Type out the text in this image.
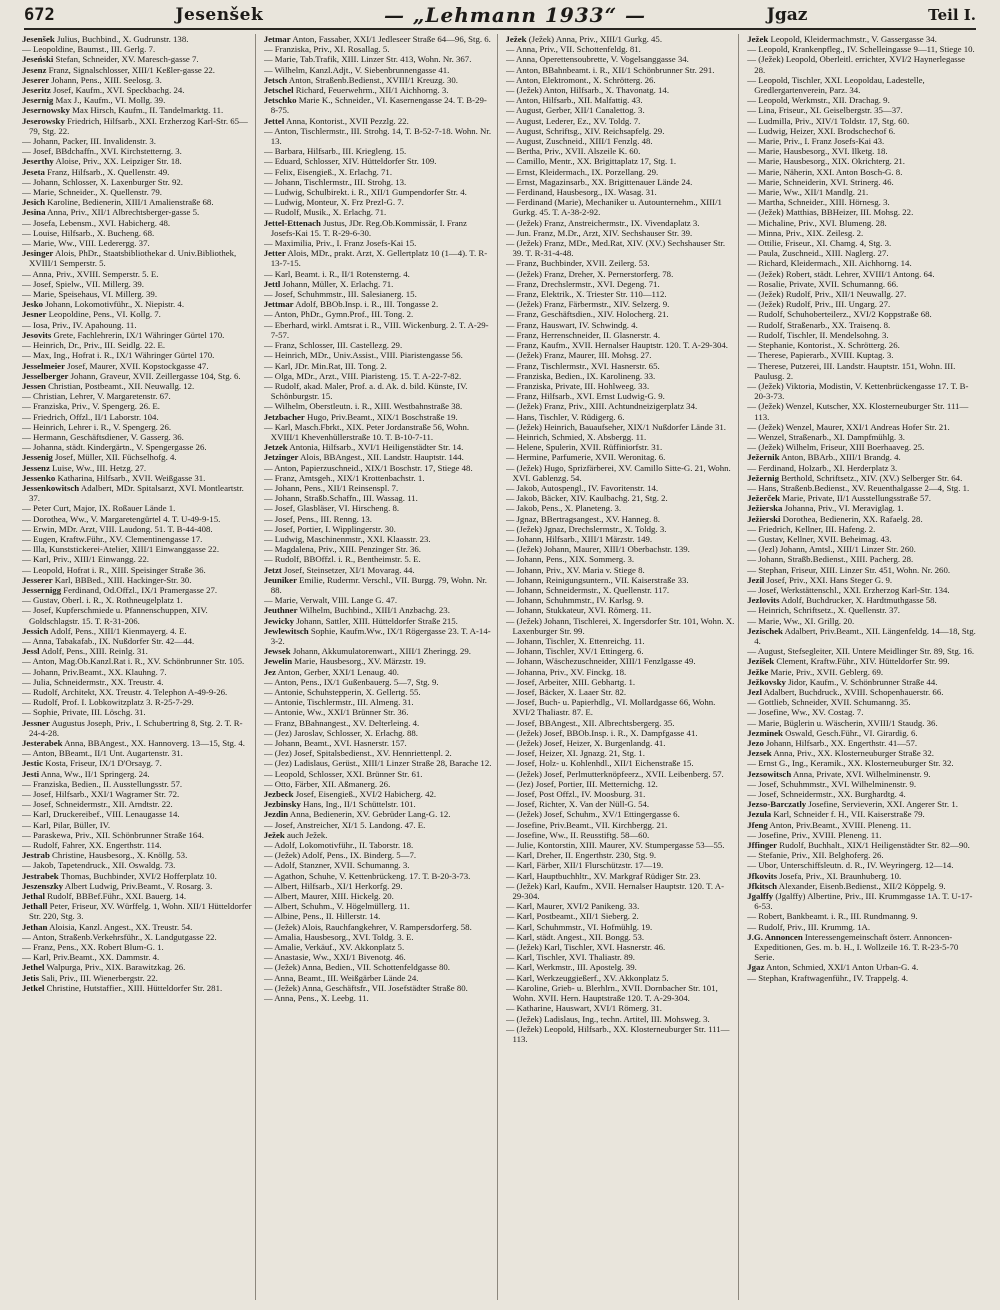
672	Jesenšek	— „Lehmann 1933“ —	Jgaz	Teil I.

Jesenšek Julius, Buchbind., X. Gudrunstr. 138.

— Leopoldine, Baumst., III. Gerlg. 7.

Jeseński Stefan, Schneider, XV. Maresch-gasse 7.

Jesenz Franz, Signalschlosser, XIII/1 Keßler-gasse 22.

Jeserer Johann, Pens., XIII. Seelosg. 3.

Jeseritz Josef, Kaufm., XVI. Speckbachg. 24.

Jesernig Max J., Kaufm., VI. Mollg. 39.

Jesernowsky Max Hirsch, Kaufm., II. Tandelmarktg. 11.

Jeserowsky Friedrich, Hilfsarb., XXI. Erzherzog Karl-Str. 65—79, Stg. 22.

— Johann, Packer, III. Invalidenstr. 3.

— Josef, BBdchaffn., XVI. Kirchstetterng. 3.

Jeserthy Aloise, Priv., XX. Leipziger Str. 18.

Jeseta Franz, Hilfsarb., X. Quellenstr. 49.

— Johann, Schlosser, X. Laxenburger Str. 92.

— Marie, Schneider., X. Quellenstr. 79.

Jesich Karoline, Bedienerin, XIII/1 Amalienstraße 68.

Jesina Anna, Priv., XII/1 Albrechtsberger-gasse 5.

— Josefa, Lebensm., XVI. Habicherg. 48.

— Louise, Hilfsarb., X. Bucheng. 68.

— Marie, Ww., VIII. Lederergg. 37.

Jesinger Alois, PhDr., Staatsbibliothekar d. Univ.Bibliothek, XVIII/1 Semperstr. 5.

— Anna, Priv., XVIII. Semperstr. 5. E.

— Josef, Spielw., VII. Millerg. 39.

— Marie, Speisehaus, VI. Millerg. 39.

Jesko Johann, Lokomotivführ., X. Niepistr. 4.

Jesner Leopoldine, Pens., VI. Kollg. 7.

— Iosa, Priv., IV. Apahoung. 11.

Jesovits Grete, Fachlehrerin, IX/1 Währinger Gürtel 170.

— Heinrich, Dr., Priv., III. Seidlg. 22. E.

— Max, Ing., Hofrat i. R., IX/1 Währinger Gürtel 170.

Jesselmeier Josef, Maurer, XVII. Kopstockgasse 47.

Jesselberger Johann, Graveur, XVII. Zeillergasse 104, Stg. 6.

Jessen Christian, Postbeamt., XII. Neuwallg. 12.

— Christian, Lehrer, V. Margaretenstr. 67.

— Franziska, Priv., V. Spengerg. 26. E.

— Friedrich, Offzl., II/1 Laborstr. 104.

— Heinrich, Lehrer i. R., V. Spengerg. 26.

— Hermann, Geschäftsdiener, V. Gasserg. 36.

— Johanna, städt. Kindergärtn., V. Spengergasse 26.

Jessenig Josef, Müller, XII. Füchselhofg. 4.

Jessenz Luise, Ww., III. Hetzg. 27.

Jessenko Katharina, Hilfsarb., XVII. Weißgasse 31.

Jessenkowitsch Adalbert, MDr. Spitalsarzt, XVI. Montleartstr. 37.

— Peter Curt, Major, IX. Roßauer Lände 1.

— Dorothea, Ww., V. Margaretengürtel 4. T. U-49-9-15.

— Erwin, MDr. Arzt, VIII. Laudong. 51. T. B-44-408.

— Eugen, Kraftw.Führ., XV. Clementinengasse 17.

— Illa, Kunststickerei-Atelier, XIII/1 Einwanggasse 22.

— Karl, Priv., XIII/1 Einwangg. 22.

— Leopold, Hofrat i. R., XIII. Speisinger Straße 36.

Jesserer Karl, BBBed., XIII. Hackinger-Str. 30.

Jessernigg Ferdinand, Od.Offzl., IX/1 Pramergasse 27.

— Gustav, Oberl. i. R., X. Rothneugelplatz 1.

— Josef, Kupferschmiede u. Pfannenschuppen, XIV. Goldschlagstr. 15. T. R-31-206.

Jessich Adolf, Pens., XIII/1 Kienmayerg. 4. E.

— Anna, Tabakafab., IX. Nußdorfer Str. 42—44.

Jessl Adolf, Pens., XIII. Reinlg. 31.

— Anton, Mag.Ob.Kanzl.Rat i. R., XV. Schönbrunner Str. 105.

— Johann, Priv.Beamt., XX. Klauhng. 7.

— Julia, Schneidermstr., XX. Treustr. 4.

— Rudolf, Architekt, XX. Treustr. 4. Telephon A-49-9-26.

— Rudolf, Prof. I. Lobkowitzplatz 3. R-25-7-29.

— Sophie, Private, III. Löschg. 31.

Jessner Augustus Joseph, Priv., I. Schubertring 8, Stg. 2. T. R-24-4-28.

Jesterabek Anna, BBAngest., XX. Hannoverg. 13—15, Stg. 4.

— Anton, BBeamt., II/1 Unt. Augartenstr. 31.

Jestic Kosta, Friseur, IX/1 D'Orsayg. 7.

Jesti Anna, Ww., II/1 Springerg. 24.

— Franziska, Bedien., II. Ausstellungsstr. 57.

— Josef, Hilfsarb., XXI/1 Wagramer Str. 72.

— Josef, Schneidermstr., XII. Arndtstr. 22.

— Karl, Druckereibef., VIII. Lenaugasse 14.

— Karl, Pilar, Büller, IV.

— Paraskewa, Priv., XII. Schönbrunner Straße 164.

— Rudolf, Fahrer, XX. Engerthstr. 114.

Jestrab Christine, Hausbesorg., X. Knöllg. 53.

— Jakob, Tapetendruck., XII. Oswaldg. 73.

Jestrabek Thomas, Buchbinder, XVI/2 Hofferplatz 10.

Jeszenszky Albert Ludwig, Priv.Beamt., V. Rosarg. 3.

Jethal Rudolf, BBBef.Führ., XXI. Bauerg. 14.

Jethall Peter, Friseur, XV. Würffelg. 1, Wohn. XII/1 Hütteldorfer Str. 220, Stg. 3.

Jethan Aloisia, Kanzl. Angest., XX. Treustr. 54.

— Anton, Straßenb.Verkehrsführ., X. Landgutgasse 22.

— Franz, Pens., XX. Robert Blum-G. 1.

— Karl, Priv.Beamt., XX. Dammstr. 4.

Jethel Walpurga, Priv., XIX. Barawitzkag. 26.

Jetis Sali, Priv., III. Wienerbergstr. 22.

Jetkel Christine, Hutstaffier., XIII. Hütteldorfer Str. 281.

Jetmar Anton, Fassaber, XXI/1 Jedleseer Straße 64—96, Stg. 6.

— Franziska, Priv., XI. Rosallag. 5.

— Marie, Tab.Trafik, XIII. Linzer Str. 413, Wohn. Nr. 367.

— Wilhelm, Kanzl.Adjt., V. Siebenbrunnengasse 41.

Jetsch Anton, Straßenb.Bedienst., XVIII/1 Kreuzg. 30.

Jetschel Richard, Feuerwehrm., XII/1 Aichhorng. 3.

Jetschko Marie K., Schneider., VI. Kasernengasse 24. T. B-29-8-75.

Jettel Anna, Kontorist., XVII Pezzlg. 22.

— Anton, Tischlermstr., III. Strohg. 14, T. B-52-7-18. Wohn. Nr. 13.

— Barbara, Hilfsarb., III. Kriegleng. 15.

— Eduard, Schlosser, XIV. Hütteldorfer Str. 109.

— Felix, Eisengieß., X. Erlachg. 71.

— Johann, Tischlermstr., III. Strohg. 13.

— Ludwig, Schulbirekt. i. R., XII/1 Gumpendorfer Str. 4.

— Ludwig, Monteur, X. Frz Prezl-G. 7.

— Rudolf, Musik., X. Erlachg. 71.

Jettel-Ettenach Justus, JDr. Reg.Ob.Kommissär, I. Franz Josefs-Kai 15. T. R-29-6-30.

— Maximilia, Priv., I. Franz Josefs-Kai 15.

Jetter Alois, MDr., prakt. Arzt, X. Gellertplatz 10 (1—4). T. R-13-7-15.

— Karl, Beamt. i. R., II/1 Rotensterng. 4.

Jettl Johann, Müller, X. Erlachg. 71.

— Josef, Schuhmmstr., III. Salesianerg. 15.

Jettmar Adolf, BBOb.Insp. i. R., III. Tongasse 2.

— Anton, PhDr., Gymn.Prof., III. Tong. 2.

— Eberhard, wirkl. Amtsrat i. R., VIII. Wickenburg. 2. T. A-29-7-57.

— Franz, Schlosser, III. Castellezg. 29.

— Heinrich, MDr., Univ.Assist., VIII. Piaristengasse 56.

— Karl, JDr. Min.Rat, III. Tong. 2.

— Olga, MDr., Arzt., VIII. Piaristeng. 15. T. A-22-7-82.

— Rudolf, akad. Maler, Prof. a. d. Ak. d. bild. Künste, IV. Schönburgstr. 15.

— Wilhelm, Oberstleutn. i. R., XIII. Westbahnstraße 38.

Jetzbacher Hugo, Priv.Beamt., XIX/1 Boschstraße 19.

— Karl, Masch.Fbrkt., XIX. Peter Jordanstraße 56, Wohn. XVIII/1 Khevenhüllerstraße 10. T. B-10-7-11.

Jetzek Antonia, Hilfsarb., XVI/1 Heiligenstädter Str. 14.

Jetzinger Alois, BBAngest., XII. Landstr. Hauptstr. 144.

— Anton, Papierzuschneid., XIX/1 Boschstr. 17, Stiege 48.

— Franz, Amtsgeh., XIX/1 Krottenbachstr. 1.

— Johann, Pens., XII/1 Reinsenspl. 7.

— Johann, Straßb.Schaffn., III. Wassag. 11.

— Josef, Glasbläser, VI. Hirscheng. 8.

— Josef, Pens., III. Renng. 13.

— Josef, Portier, I. Wipplingerstr. 30.

— Ludwig, Maschinenmstr., XXI. Klaasstr. 23.

— Magdalena, Priv., XIII. Penzinger Str. 36.

— Rudolf, BBOffzl. i. R., Bentheimstr. 5. E.

Jetzt Josef, Steinsetzer, XI/1 Movarag. 44.

Jeuniker Emilie, Rudermr. Verschl., VII. Burgg. 79, Wohn. Nr. 88.

— Marie, Verwalt, VIII. Lange G. 47.

Jeuthner Wilhelm, Buchbind., XIII/1 Anzbachg. 23.

Jewicky Johann, Sattler, XIII. Hütteldorfer Straße 215.

Jewlewitsch Sophie, Kaufm.Ww., IX/1 Rögergasse 23. T. A-14-3-2.

Jewsek Johann, Akkumulatorenwart., XIII/1 Zheringg. 29.

Jewelin Marie, Hausbesorg., XV. Märzstr. 19.

Jez Anton, Gerber, XXI/1 Lenaug. 40.

— Anton, Pens., IX/1 Gußenbauerg. 5—7, Stg. 9.

— Antonie, Schuhstepperin, X. Gellertg. 55.

— Antonie, Tischlermstr., III. Almeng. 31.

— Antonie, Ww., XXI/1 Brünner Str. 36.

— Franz, BBahnangest., XV. Delterleing. 4.

— (Jez) Jaroslav, Schlosser, X. Erlachg. 88.

— Johann, Beamt., XVI. Hasnerstr. 157.

— (Jez) Josef, Spitalsbedienst., XV. Hennriettenpl. 2.

— (Jez) Ladislaus, Gerüst., XIII/1 Linzer Straße 28, Barache 12.

— Leopold, Schlosser, XXI. Brünner Str. 61.

— Otto, Färber, XII. Aßmanerg. 26.

Jezbeck Josef, Eisengieß., XVI/2 Habicherg. 42.

Jezbinsky Hans, Ing., II/1 Schüttelstr. 101.

Jezdin Anna, Bedienerin, XV. Gebrüder Lang-G. 12.

— Josef, Anstreicher, XI/1 5. Landong. 47. E.

Ježek auch Ježek.

— Adolf, Lokomotivführ., II. Taborstr. 18.

— (Ježek) Adolf, Pens., IX. Binderg. 5—7.

— Adolf, Stanzner, XVII. Schumanng. 3.

— Agathon, Schuhe, V. Kettenbrückeng. 17. T. B-20-3-73.

— Albert, Hilfsarb., XI/1 Herkorfg. 29.

— Albert, Maurer, XIII. Hickelg. 20.

— Albert, Schuhm., V. Högelmüllerg. 11.

— Albine, Pens., II. Hillerstr. 14.

— (Ježek) Alois, Rauchfangkehrer, V. Rampersdorferg. 58.

— Amalia, Hausbesorg., XVI. Toldg. 3. E.

— Amalie, Verkäuf., XV. Akkonplatz 5.

— Anastasie, Ww., XXI/1 Bivenotg. 46.

— (Ježek) Anna, Bedien., VII. Schottenfeldgasse 80.

— Anna, Beamt., III. Weißgärber Lände 24.

— (Ježek) Anna, Geschäftsfr., VII. Josefstädter Straße 80.

— Anna, Pens., X. Leebg. 11.

Ježek (Ježek) Anna, Priv., XIII/1 Gurkg. 45.

— Anna, Priv., VII. Schottenfeldg. 81.

— Anna, Operettensoubrette, V. Vogelsanggasse 34.

— Anton, BBahnbeamt. i. R., XII/1 Schönbrunner Str. 291.

— Anton, Elektromont., X. Schrötterg. 26.

— (Ježek) Anton, Hilfsarb., X. Thavonatg. 14.

— Anton, Hilfsarb., XII. Malfattig. 43.

— August, Gerber, XII/1 Canalettog. 3.

— August, Lederer, Ez., XV. Toldg. 7.

— August, Schriftsg., XIV. Reichsapfelg. 29.

— August, Zuschneid., XIII/1 Fenzlg. 48.

— Bertha, Priv., XVII. Alszeile K. 60.

— Camillo, Mentr., XX. Brigittaplatz 17, Stg. 1.

— Ernst, Kleidermach., IX. Porzellang. 29.

— Ernst, Magazinsarb., XX. Brigittenauer Lände 24.

— Ferdinand, Hausbesorg., IX. Wasag. 31.

— Ferdinand (Marie), Mechaniker u. Autounternehm., XIII/1 Gurkg. 45. T. A-38-2-92.

— (Ježek) Franz, Anstreichermstr., IX. Vivendaplatz 3.

— Jun. Franz, M.Dr., Arzt, XIV. Sechshauser Str. 39.

— (Ježek) Franz, MDr., Med.Rat, XIV. (XV.) Sechshauser Str. 39. T. R-31-4-48.

— Franz, Buchbinder, XVII. Zeilerg. 53.

— (Ježek) Franz, Dreher, X. Pernerstorferg. 78.

— Franz, Drechslermstr., XVI. Degeng. 71.

— Franz, Elektrik., X. Triester Str. 110—112.

— (Ježek) Franz, Färbermstr., XIV. Selzerg. 9.

— Franz, Geschäftsdien., XIV. Holocherg. 21.

— Franz, Hauswart, IV. Schwindg. 4.

— Franz, Herrenschneider, II. Glasnerstr. 4.

— Franz, Kaufm., XVII. Hernalser Hauptstr. 120. T. A-29-304.

— (Ježek) Franz, Maurer, III. Mohsg. 27.

— Franz, Tischlermstr., XVI. Hasnerstr. 65.

— Franziska, Bedien., IX. Karolineng. 33.

— Franziska, Private, III. Hohlweeg. 33.

— Franz, Hilfsarb., XVI. Ernst Ludwig-G. 9.

— (Ježek) Franz, Priv., XIII. Achtundneizigerplatz 34.

— Hans, Tischler, V. Rüdigerg. 6.

— (Ježek) Heinrich, Bauaufseher, XIX/1 Nußdorfer Lände 31.

— Heinrich, Schmied, X. Absbergg. 11.

— Helene, Spulerin, XVII. Rüffiniorfstr. 31.

— Hermine, Parfumerie, XVII. Weronitag. 6.

— (Ježek) Hugo, Sprizfärberei, XV. Camillo Sitte-G. 21, Wohn. XVI. Gablenzg. 54.

— Jakob, Autospengl., IV. Favoritenstr. 14.

— Jakob, Bäcker, XIV. Kaulbachg. 21, Stg. 2.

— Jakob, Pens., X. Planeteng. 3.

— Jgnaz, BBertragsangest., XV. Hanneg. 8.

— (Ježek) Jgnaz, Drechslermstr., X. Toldg. 3.

— Johann, Hilfsarb., XIII/1 Märzstr. 149.

— (Ježek) Johann, Maurer, XIII/1 Oberbachstr. 139.

— Johann, Pens., XIX. Sommerg. 3.

— Johann, Priv., XV. Maria v. Stiege 8.

— Johann, Reinigungsuntern., VII. Kaiserstraße 33.

— Johann, Schneidermstr., X. Quellenstr. 117.

— Johann, Schuhmmstr., IV. Karlsg. 9.

— Johann, Stukkateur, XVI. Römerg. 11.

— (Ježek) Johann, Tischlerei, X. Ingersdorfer Str. 101, Wohn. X. Laxenburger Str. 99.

— Johann, Tischler, X. Ettenreichg. 11.

— Johann, Tischler, XV/1 Ettingerg. 6.

— Johann, Wäschezuschneider, XIII/1 Fenzlgasse 49.

— Johanna, Priv., XV. Finckg. 18.

— Josef, Arbeiter, XIII. Gebhartg. 1.

— Josef, Bäcker, X. Laaer Str. 82.

— Josef, Buch- u. Papierhdlg., VI. Mollardgasse 66, Wohn. XVI/2 Thaliastr. 87. E.

— Josef, BBAngest., XII. Albrechtsbergerg. 35.

— (Ježek) Josef, BBOb.Insp. i. R., X. Dampfgasse 41.

— (Ježek) Josef, Heizer, X. Burgenlandg. 41.

— Josef, Heizer, XI. Jgnazg. 21, Stg. 1.

— Josef, Holz- u. Kohlenhdl., XII/1 Eichenstraße 15.

— (Ježek) Josef, Perlmutterknöpfeerz., XVII. Leibenberg. 57.

— (Jez) Josef, Portier, III. Metternichg. 12.

— Josef, Post Offzl., IV. Moosburg. 31.

— Josef, Richter, X. Van der Nüll-G. 54.

— (Ježek) Josef, Schuhm., XV/1 Ettingergasse 6.

— Josefine, Priv.Beamt., VII. Kirchbergg. 21.

— Josefine, Ww., II. Reusstiftg. 58—60.

— Julie, Kontorstin, XIII. Maurer, XV. Stumpergasse 53—55.

— Karl, Dreher, II. Engerthstr. 230, Stg. 9.

— Karl, Färber, XII/1 Flurschützstr. 17—19.

— Karl, Hauptbuchhltr., XV. Markgraf Rüdiger Str. 23.

— (Ježek) Karl, Kaufm., XVII. Hernalser Hauptstr. 120. T. A-29-304.

— Karl, Maurer, XVI/2 Panikeng. 33.

— Karl, Postbeamt., XII/1 Sieberg. 2.

— Karl, Schuhmmstr., VI. Hofmühlg. 19.

— Karl, städt. Angest., XII. Bongg. 53.

— (Ježek) Karl, Tischler, XVI. Hasnerstr. 46.

— Karl, Tischler, XVI. Thaliastr. 89.

— Karl, Werkmstr., III. Apostelg. 39.

— Karl, Werkzeuggießerf., XV. Akkonplatz 5.

— Karoline, Grieb- u. Blerhlrn., XVII. Dornbacher Str. 101, Wohn. XVII. Hern. Hauptstraße 120. T. A-29-304.

— Katharine, Hauswart, XVI/1 Römerg. 31.

— (Ježek) Ladislaus, Ing., techn. Artitel, III. Mohsweg. 3.

— (Ježek) Leopold, Hilfsarb., XX. Klosterneuburger Str. 111—113.

Ježek Leopold, Kleidermachmstr., V. Gassergasse 34.

— Leopold, Krankenpfleg., IV. Schelleingasse 9—11, Stiege 10.

— (Ježek) Leopold, Oberleitl. errichter, XVI/2 Haynerlegasse 28.

— Leopold, Tischler, XXI. Leopoldau, Ladestelle, Gredlergartenverein, Parz. 34.

— Leopold, Werkmstr., XII. Drachag. 9.

— Lina, Friseur., XI. Geiselbergstr. 35—37.

— Ludmilla, Priv., XIV/1 Toldstr. 17, Stg. 60.

— Ludwig, Heizer, XXI. Brodschechof 6.

— Marie, Priv., I. Franz Josefs-Kai 43.

— Marie, Hausbesorg., XVI. Ilketg. 18.

— Marie, Hausbesorg., XIX. Okrichterg. 21.

— Marie, Näherin, XXI. Anton Bosch-G. 8.

— Marie, Schneiderin, XVI. Strinerg. 46.

— Marie, Ww., XII/1 Mandlg. 21.

— Martha, Schneider., XIII. Hörnesg. 3.

— (Ježek) Matthias, BBHeizer, III. Mohsg. 22.

— Michaline, Priv., XVI. Blumeng. 28.

— Minna, Priv., XIX. Zeilesg. 2.

— Ottilie, Friseur., XI. Chamg. 4, Stg. 3.

— Paula, Zuschneid., XIII. Naglerg. 27.

— Richard, Kleidermach., XII. Aichhorng. 14.

— (Ježek) Robert, städt. Lehrer, XVIII/1 Antong. 64.

— Rosalie, Private, XVII. Schumanng. 66.

— (Ježek) Rudolf, Priv., XII/1 Neuwallg. 27.

— (Ježek) Rudolf, Priv., III. Ungarg. 27.

— Rudolf, Schuhoberteilerz., XVI/2 Koppstraße 68.

— Rudolf, Straßenarb., XX. Traisenq. 8.

— Rudolf, Tischler, II. Mendelsohng. 3.

— Stephanie, Kontorist., X. Schrötterg. 26.

— Therese, Papierarb., XVIII. Kuptag. 3.

— Therese, Putzerei, III. Landstr. Hauptstr. 151, Wohn. III. Paulusg. 2.

— (Ježek) Viktoria, Modistin, V. Kettenbrückengasse 17. T. B-20-3-73.

— (Ježek) Wenzel, Kutscher, XX. Klosterneuburger Str. 111—113.

— (Ježek) Wenzel, Maurer, XXI/1 Andreas Hofer Str. 21.

— Wenzel, Straßenarb., XI. Dampfmühlg. 3.

— (Ježek) Wilhelm, Friseur, XIII Boerhaaveg. 25.

Ježernik Anton, BBArb., XIII/1 Brandg. 4.

— Ferdinand, Holzarb., XI. Herderplatz 3.

Ježernig Berthold, Schriftsetz., XIV. (XV.) Selberger Str. 64.

— Hans, Straßenb.Bedienst., XV. Reuenthalgasse 2—4, Stg. 1.

Ježerček Marie, Private, II/1 Ausstellungsstraße 57.

Ježierska Johanna, Priv., VI. Meraviglag. 1.

Ježierski Dorothea, Bedienerin, XX. Rafaelg. 28.

— Friedrich, Kellner, III. Hafeng. 2.

— Gustav, Kellner, XVII. Beheimag. 43.

— (Jezl) Johann, Amtsl., XIII/1 Linzer Str. 260.

— Johann, Straßb.Bedienst., XIII. Pacherg. 28.

— Stephan, Friseur, XIII. Linzer Str. 451, Wohn. Nr. 260.

Jezil Josef, Priv., XXI. Hans Steger G. 9.

— Josef, Werkstättenschl., XXI. Erzherzog Karl-Str. 134.

Jezlovits Adolf, Buchdrucker, X. Hardtmuthgasse 58.

— Heinrich, Schriftsetz., X. Quellenstr. 37.

— Marie, Ww., XI. Grillg. 20.

Jezischek Adalbert, Priv.Beamt., XII. Längenfeldg. 14—18, Stg. 4.

— August, Stefsegleiter, XII. Untere Meidlinger Str. 89, Stg. 16.

Jezišek Clement, Kraftw.Führ., XIV. Hütteldorfer Str. 99.

Ježke Marie, Priv., XVII. Geblerg. 69.

Ježkovsky Jidor, Kaufm., V. Schönbrunner Straße 44.

Jezl Adalbert, Buchdruck., XVIII. Schopenhauerstr. 66.

— Gottlieb, Schneider, XVII. Schumanng. 35.

— Josefine, Ww., XV. Costag. 7.

— Marie, Büglerin u. Wäscherin, XVIII/1 Staudg. 36.

Jezminek Oswald, Gesch.Führ., VI. Girardig. 6.

Jezo Johann, Hilfsarb., XX. Engerthstr. 41—57.

Jezsek Anna, Priv., XX. Klosterneuburger Straße 32.

— Ernst G., Ing., Keramik., XX. Klosterneuburger Str. 32.

Jezsowitsch Anna, Private, XVI. Wilhelminenstr. 9.

— Josef, Schuhmmstr., XVI. Wilhelminenstr. 9.

— Josef, Schneidermstr., XX. Burghardtg. 4.

Jezso-Barczatly Josefine, Servieverin, XXI. Angerer Str. 1.

Jezula Karl, Schneider f. H., VII. Kaiserstraße 79.

Jfeng Anton, Priv.Beamt., XVIII. Pleneng. 11.

— Josefine, Priv., XVIII. Pleneng. 11.

Jffinger Rudolf, Buchhalt., XIX/1 Heiligenstädter Str. 82—90.

— Stefanie, Priv., XII. Belghoferg. 26.

— Ubor, Unterschiffsleutn. d. R., IV. Weyringerg. 12—14.

Jfkovits Josefa, Priv., XI. Braunhuberg. 10.

Jfkitsch Alexander, Eisenb.Bedienst., XII/2 Köppelg. 9.

Jgalffy (Jgalffy) Albertine, Priv., III. Krummgasse 1A. T. U-17-6-53.

— Robert, Bankbeamt. i. R., III. Rundmanng. 9.

— Rudolf, Priv., III. Krummg. 1A.

J.G. Annoncen Interessengemeinschaft österr. Annoncen-Expeditionen, Ges. m. b. H., I. Wollzeile 16. T. R-23-5-70 Serie.

Jgaz Anton, Schmied, XXI/1 Anton Urban-G. 4.

— Stephan, Kraftwagenführ., IV. Trappelg. 4.
